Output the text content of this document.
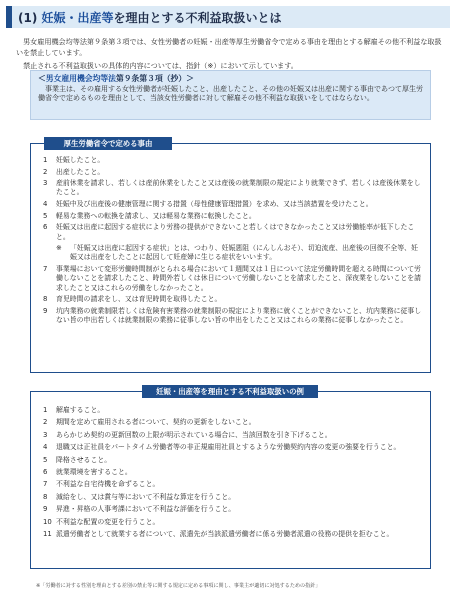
(1) 妊娠・出産等を理由とする不利益取扱いとは

男女雇用機会均等法第９条第３項では、女性労働者の妊娠・出産等厚生労働省令で定める事由を理由とする解雇その他不利益な取扱いを禁止しています。

禁止される不利益取扱いの具体的内容については、指針（※）において示しています。

＜男女雇用機会均等法第９条第３項（抄）＞
事業主は、その雇用する女性労働者が妊娠したこと、出産したこと、その他の妊娠又は出産に関する事由であつて厚生労働省令で定めるものを理由として、当該女性労働者に対して解雇その他不利益な取扱いをしてはならない。
1	妊娠したこと。
2	出産したこと。
3	産前休業を請求し、若しくは産前休業をしたこと又は産後の就業制限の規定により就業できず、若しくは産後休業をしたこと。
4	妊娠中及び出産後の健康管理に関する措置（母性健康管理措置）を求め、又は当該措置を受けたこと。
5	軽易な業務への転換を請求し、又は軽易な業務に転換したこと。
6	妊娠又は出産に起因する症状により労務の提供ができないこと若しくはできなかったこと又は労働能率が低下したこと。
※	「妊娠又は出産に起因する症状」とは、つわり、妊娠悪阻（にんしんおそ）、切迫流産、出産後の回復不全等、妊娠又は出産をしたことに起因して妊産婦に生じる症状をいいます。
7	事業場において変形労働時間制がとられる場合において１週間又は１日について法定労働時間を超える時間について労働しないことを請求したこと、時間外若しくは休日について労働しないことを請求したこと、深夜業をしないことを請求したこと又はこれらの労働をしなかったこと。
8	育児時間の請求をし、又は育児時間を取得したこと。
9	坑内業務の就業制限若しくは危険有害業務の就業制限の規定により業務に就くことができないこと、坑内業務に従事しない旨の申出若しくは就業制限の業務に従事しない旨の申出をしたこと又はこれらの業務に従事しなかったこと。
厚生労働省令で定める事由
1	解雇すること。
2	期間を定めて雇用される者について、契約の更新をしないこと。
3	あらかじめ契約の更新回数の上限が明示されている場合に、当該回数を引き下げること。
4	退職又は正社員をパートタイム労働者等の非正規雇用社員とするような労働契約内容の変更の強要を行うこと。
5	降格させること。
6	就業環境を害すること。
7	不利益な自宅待機を命ずること。
8	減給をし、又は賞与等において不利益な算定を行うこと。
9	昇進・昇格の人事考課において不利益な評価を行うこと。
10 不利益な配置の変更を行うこと。
11 派遣労働者として就業する者について、派遣先が当該派遣労働者に係る労働者派遣の役務の提供を拒むこと。
妊娠・出産等を理由とする不利益取扱いの例
※「労働者に対する性別を理由とする差別の禁止等に関する規定に定める事項に関し、事業主が適切に対処するための指針」
